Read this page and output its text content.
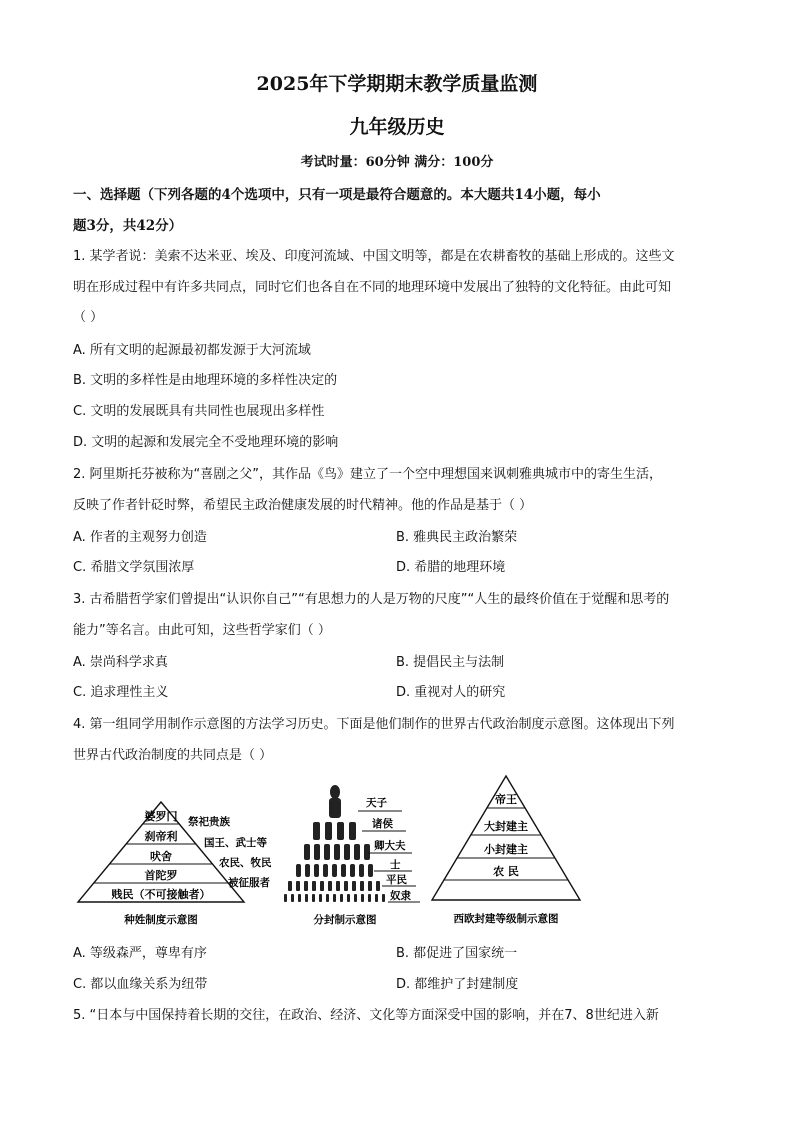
2025年下学期期末教学质量监测
九年级历史
考试时量：60分钟 满分：100分
一、选择题（下列各题的4个选项中，只有一项是最符合题意的。本大题共14小题，每小
题3分，共42分）
1. 某学者说：美索不达米亚、埃及、印度河流域、中国文明等，都是在农耕畜牧的基础上形成的。这些文
明在形成过程中有许多共同点，同时它们也各自在不同的地理环境中发展出了独特的文化特征。由此可知
（ ）
A. 所有文明的起源最初都发源于大河流域
B. 文明的多样性是由地理环境的多样性决定的
C. 文明的发展既具有共同性也展现出多样性
D. 文明的起源和发展完全不受地理环境的影响
2. 阿里斯托芬被称为“喜剧之父”，其作品《鸟》建立了一个空中理想国来讽刺雅典城市中的寄生生活，
反映了作者针砭时弊，希望民主政治健康发展的时代精神。他的作品是基于（ ）
A. 作者的主观努力创造	B. 雅典民主政治繁荣
C. 希腊文学氛围浓厚	D. 希腊的地理环境
3. 古希腊哲学家们曾提出“认识你自己”“有思想力的人是万物的尺度”“人生的最终价值在于觉醒和思考的
能力”等名言。由此可知，这些哲学家们（ ）
A. 崇尚科学求真	B. 提倡民主与法制
C. 追求理性主义	D. 重视对人的研究
4. 第一组同学用制作示意图的方法学习历史。下面是他们制作的世界古代政治制度示意图。这体现出下列
世界古代政治制度的共同点是（ ）
婆罗门
刹帝利
吠舍
首陀罗
贱民（不可接触者）
祭祀贵族
国王、武士等
农民、牧民
被征服者
种姓制度示意图
天子
诸侯
卿大夫
士
平民
奴隶
分封制示意图
帝王
大封建主
小封建主
农 民
西欧封建等级制示意图
A. 等级森严，尊卑有序	B. 都促进了国家统一
C. 都以血缘关系为纽带	D. 都维护了封建制度
5. “日本与中国保持着长期的交往，在政治、经济、文化等方面深受中国的影响，并在7、8世纪进入新
